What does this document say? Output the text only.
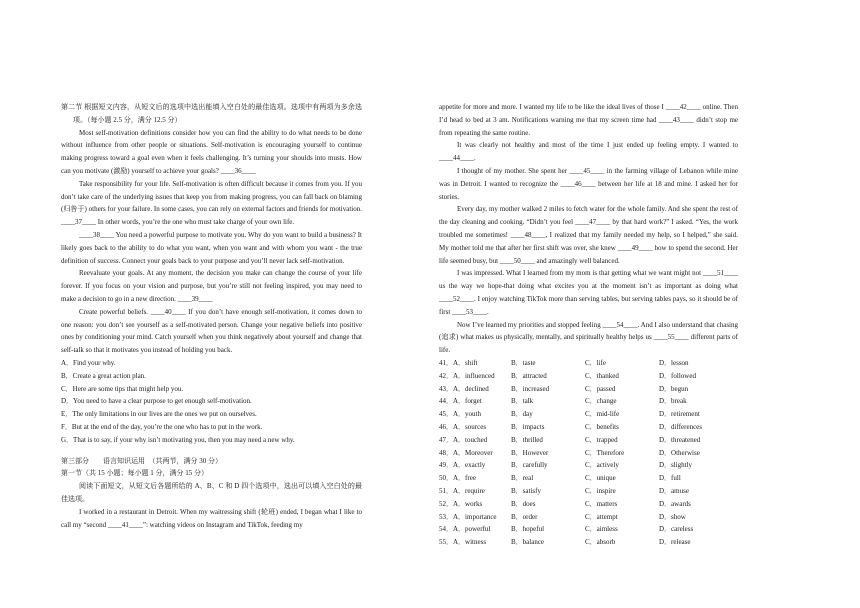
第二节 根据短文内容，从短文后的选项中选出能填入空白处的最佳选项。选项中有两项为多余选项。（每小题 2.5 分，满分 12.5 分）

Most self-motivation definitions consider how you can find the ability to do what needs to be done without influence from other people or situations. Self-motivation is encouraging yourself to continue making progress toward a goal even when it feels challenging. It’s turning your shoulds into musts. How can you motivate (激励) yourself to achieve your goals? ____36____

Take responsibility for your life. Self-motivation is often difficult because it comes from you. If you don’t take care of the underlying issues that keep you from making progress, you can fall back on blaming (归咎于) others for your failure. In some cases, you can rely on external factors and friends for motivation. ____37____ In other words, you’re the one who must take charge of your own life.

____38____ You need a powerful purpose to motivate you. Why do you want to build a business? It likely goes back to the ability to do what you want, when you want and with whom you want - the true definition of success. Connect your goals back to your purpose and you’ll never lack self-motivation.

Reevaluate your goals. At any moment, the decision you make can change the course of your life forever. If you focus on your vision and purpose, but you’re still not feeling inspired, you may need to make a decision to go in a new direction. ____39____

Create powerful beliefs. ____40____ If you don’t have enough self-motivation, it comes down to one reason: you don’t see yourself as a self-motivated person. Change your negative beliefs into positive ones by conditioning your mind. Catch yourself when you think negatively about yourself and change that self-talk so that it motivates you instead of holding you back.

A．Find your why.

B．Create a great action plan.

C．Here are some tips that might help you.

D．You need to have a clear purpose to get enough self-motivation.

E．The only limitations in our lives are the ones we put on ourselves.

F．But at the end of the day, you’re the one who has to put in the work.

G．That is to say, if your why isn’t motivating you, then you may need a new why.

第三部分　　语言知识运用　（共两节，满分 30 分）

第一节（共 15 小题；每小题 1 分，满分 15 分）

阅读下面短文，从短文后各题所给的 A、B、C 和 D 四个选项中，选出可以填入空白处的最佳选项。

I worked in a restaurant in Detroit. When my waitressing shift (轮班) ended, I began what I like to call my “second ____41____”: watching videos on Instagram and TikTok, feeding my

appetite for more and more. I wanted my life to be like the ideal lives of those I ____42____ online. Then I’d head to bed at 3 am. Notifications warning me that my screen time had ____43____ didn’t stop me from repeating the same routine.

It was clearly not healthy and most of the time I just ended up feeling empty. I wanted to ____44____.

I thought of my mother. She spent her ____45____ in the farming village of Lebanon while mine was in Detroit. I wanted to recognize the ____46____ between her life at 18 and mine. I asked her for stories.

Every day, my mother walked 2 miles to fetch water for the whole family. And she spent the rest of the day cleaning and cooking. “Didn’t you feel ____47____ by that hard work?” I asked. “Yes, the work troubled me sometimes! ____48____, I realized that my family needed my help, so I helped,” she said. My mother told me that after her first shift was over, she knew ____49____ how to spend the second. Her life seemed busy, but ____50____ and amazingly well balanced.

I was impressed. What I learned from my mom is that getting what we want might not ____51____ us the way we hope-that doing what excites you at the moment isn’t as important as doing what ____52____. I enjoy watching TikTok more than serving tables, but serving tables pays, so it should be of first ____53____.

Now I’ve learned my priorities and stopped feeling ____54____. And I also understand that chasing (追求) what makes us physically, mentally, and spiritually healthy helps us ____55____ different parts of life.

41．A．shift	B．taste	C．life	D．lesson
42．A．influenced	B．attracted	C．thanked	D．followed
43．A．declined	B．increased	C．passed	D．begun
44．A．forget	B．talk	C．change	D．break
45．A．youth	B．day	C．mid-life	D．retirement
46．A．sources	B．impacts	C．benefits	D．differences
47．A．touched	B．thrilled	C．trapped	D．threatened
48．A．Moreover	B．However	C．Therefore	D．Otherwise
49．A．exactly	B．carefully	C．actively	D．slightly
50．A．free	B．real	C．unique	D．full
51．A．require	B．satisfy	C．inspire	D．amuse
52．A．works	B．does	C．matters	D．awards
53．A．importance	B．order	C．attempt	D．show
54．A．powerful	B．hopeful	C．aimless	D．careless
55．A．witness	B．balance	C．absorb	D．release
